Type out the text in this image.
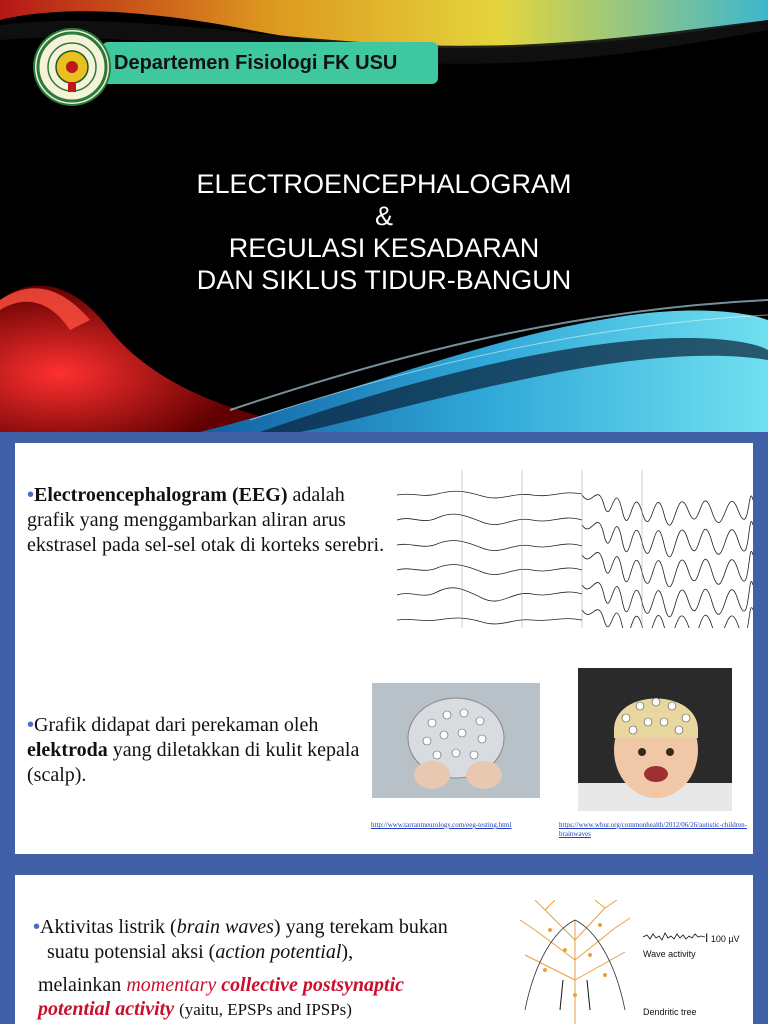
Departemen Fisiologi FK USU
ELECTROENCEPHALOGRAM
&
REGULASI KESADARAN
DAN SIKLUS TIDUR-BANGUN
•Electroencephalogram (EEG) adalah grafik yang menggambarkan aliran arus ekstrasel pada sel-sel otak di korteks serebri.
•Grafik didapat dari perekaman oleh elektroda yang diletakkan di kulit kepala (scalp).
http://www.tarrantneurology.com/eeg-testing.html	https://www.wbur.org/commonhealth/2012/06/26/autistic-children-brainwaves
•Aktivitas listrik (brain waves) yang terekam bukan
suatu potensial aksi (action potential),
melainkan momentary collective postsynaptic
potential activity (yaitu, EPSPs and IPSPs)
I 100 µV
Wave activity
Dendritic tree
